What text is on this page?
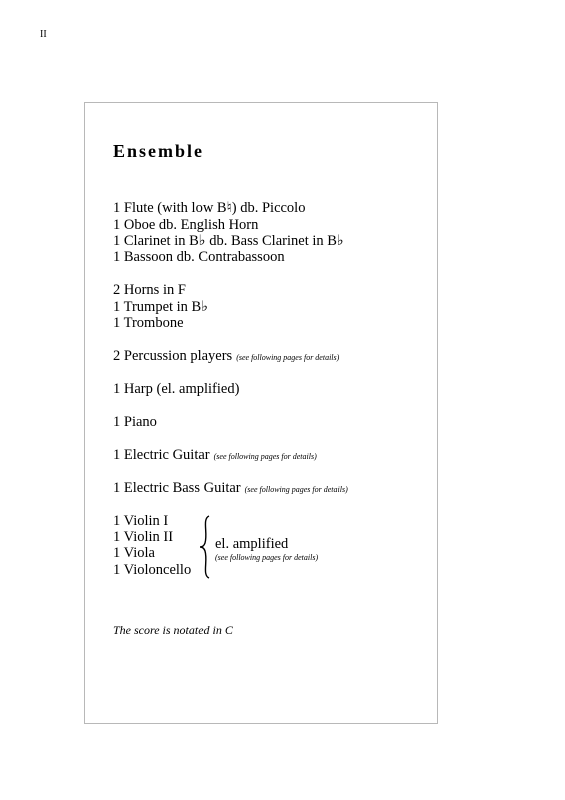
II
Ensemble
1 Flute (with low B♮) db. Piccolo
1 Oboe db. English Horn
1 Clarinet in B♭ db. Bass Clarinet in B♭
1 Bassoon db. Contrabassoon
2 Horns in F
1 Trumpet in B♭
1 Trombone
2 Percussion players (see following pages for details)
1 Harp (el. amplified)
1 Piano
1 Electric Guitar (see following pages for details)
1 Electric Bass Guitar (see following pages for details)
1 Violin I
1 Violin II
1 Viola
1 Violoncello
el. amplified
(see following pages for details)
The score is notated in C
